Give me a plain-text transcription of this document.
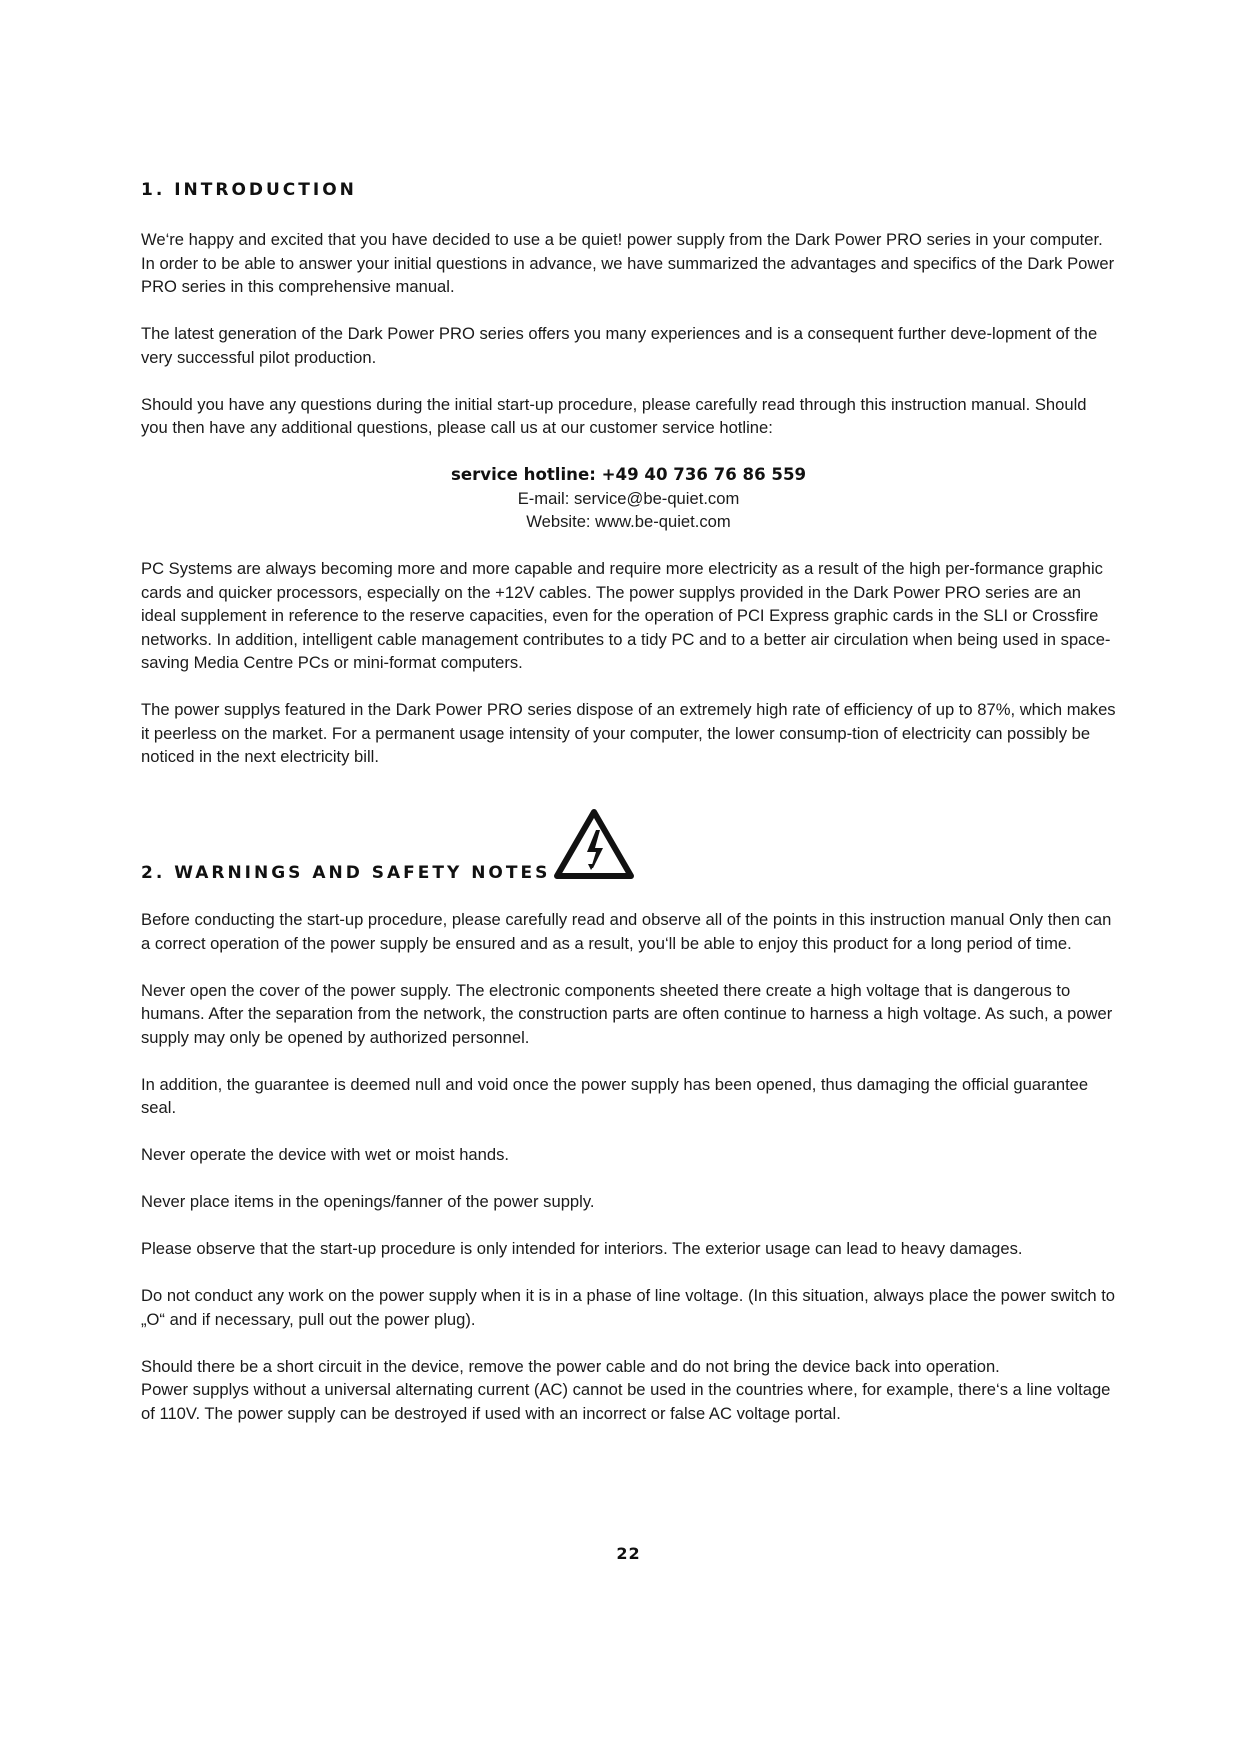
1. INTRODUCTION

We‘re happy and excited that you have decided to use a be quiet! power supply from the Dark Power PRO series in your computer. In order to be able to answer your initial questions in advance, we have summarized the advantages and specifics of the Dark Power PRO series in this comprehensive manual.

The latest generation of the Dark Power PRO series offers you many experiences and is a consequent further deve-lopment of the very successful pilot production.

Should you have any questions during the initial start-up procedure, please carefully read through this instruction manual. Should you then have any additional questions, please call us at our customer service hotline:

service hotline: +49 40 736 76 86 559
E-mail: service@be-quiet.com
Website: www.be-quiet.com

PC Systems are always becoming more and more capable and require more electricity as a result of the high per-formance graphic cards and quicker processors, especially on the +12V cables. The power supplys provided in the Dark Power PRO series are an ideal supplement in reference to the reserve capacities, even for the operation of PCI Express graphic cards in the SLI or Crossfire networks. In addition, intelligent cable management contributes to a tidy PC and to a better air circulation when being used in space-saving Media Centre PCs or mini-format computers.

The power supplys featured in the Dark Power PRO series dispose of an extremely high rate of efficiency of up to 87%, which makes it peerless on the market. For a permanent usage intensity of your computer, the lower consump-tion of electricity can possibly be noticed in the next electricity bill.

2. WARNINGS AND SAFETY NOTES

Before conducting the start-up procedure, please carefully read and observe all of the points in this instruction manual Only then can a correct operation of the power supply be ensured and as a result, you‘ll be able to enjoy this product for a long period of time.

Never open the cover of the power supply. The electronic components sheeted there create a high voltage that is dangerous to humans. After the separation from the network, the construction parts are often continue to harness a high voltage. As such, a power supply may only be opened by authorized personnel.

In addition, the guarantee is deemed null and void once the power supply has been opened, thus damaging the official guarantee seal.

Never operate the device with wet or moist hands.

Never place items in the openings/fanner of the power supply.

Please observe that the start-up procedure is only intended for interiors. The exterior usage can lead to heavy damages.

Do not conduct any work on the power supply when it is in a phase of line voltage. (In this situation, always place the power switch to „O“ and if necessary, pull out the power plug).

Should there be a short circuit in the device, remove the power cable and do not bring the device back into operation.

Power supplys without a universal alternating current (AC) cannot be used in the countries where, for example, there‘s a line voltage of 110V. The power supply can be destroyed if used with an incorrect or false AC voltage portal.

22
